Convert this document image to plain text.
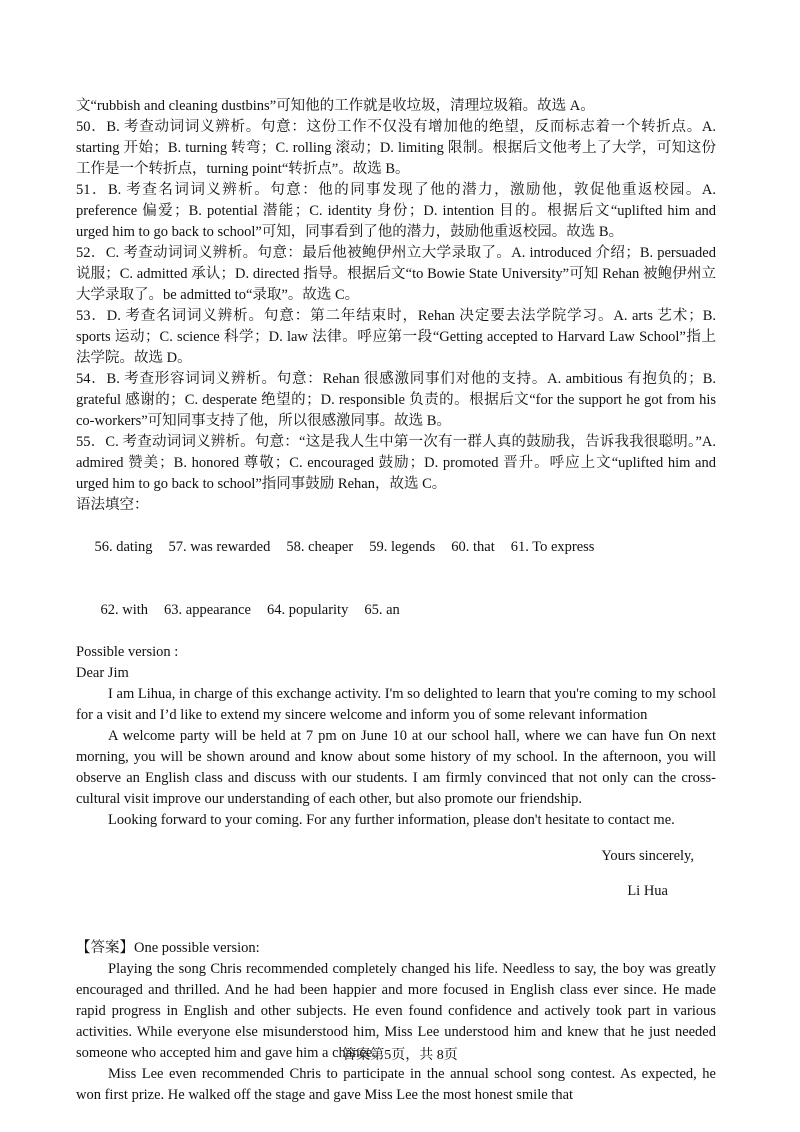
文“rubbish and cleaning dustbins”可知他的工作就是收垃圾，清理垃圾箱。故选 A。

50．B. 考查动词词义辨析。句意：这份工作不仅没有增加他的绝望，反而标志着一个转折点。A. starting 开始；B. turning 转弯；C. rolling 滚动；D. limiting 限制。根据后文他考上了大学，可知这份工作是一个转折点，turning point“转折点”。故选 B。

51．B. 考查名词词义辨析。句意：他的同事发现了他的潜力，激励他，敦促他重返校园。A. preference 偏爱；B. potential 潜能；C. identity 身份；D. intention 目的。根据后文“uplifted him and urged him to go back to school”可知，同事看到了他的潜力，鼓励他重返校园。故选 B。

52．C. 考查动词词义辨析。句意：最后他被鲍伊州立大学录取了。A. introduced 介绍；B. persuaded 说服；C. admitted 承认；D. directed 指导。根据后文“to Bowie State University”可知 Rehan 被鲍伊州立大学录取了。be admitted to“录取”。故选 C。

53．D. 考查名词词义辨析。句意：第二年结束时，Rehan 决定要去法学院学习。A. arts 艺术；B. sports 运动；C. science 科学；D. law 法律。呼应第一段“Getting accepted to Harvard Law School”指上法学院。故选 D。

54．B. 考查形容词词义辨析。句意：Rehan 很感激同事们对他的支持。A. ambitious 有抱负的；B. grateful 感谢的；C. desperate 绝望的；D. responsible 负责的。根据后文“for the support he got from his co-workers”可知同事支持了他，所以很感激同事。故选 B。

55．C. 考查动词词义辨析。句意：“这是我人生中第一次有一群人真的鼓励我，告诉我我很聪明。”A. admired 赞美；B. honored 尊敬；C. encouraged 鼓励；D. promoted 晋升。呼应上文“uplifted him and urged him to go back to school”指同事鼓励 Rehan，故选 C。

语法填空：

56. dating 57. was rewarded 58. cheaper 59. legends 60. that 61. To express

62. with 63. appearance 64. popularity 65. an

Possible version :

Dear Jim

I am Lihua, in charge of this exchange activity. I'm so delighted to learn that you're coming to my school for a visit and I’d like to extend my sincere welcome and inform you of some relevant information

A welcome party will be held at 7 pm on June 10 at our school hall, where we can have fun On next morning, you will be shown around and know about some history of my school. In the afternoon, you will observe an English class and discuss with our students. I am firmly convinced that not only can the cross-cultural visit improve our understanding of each other, but also promote our friendship.

Looking forward to your coming. For any further information, please don't hesitate to contact me.

Yours sincerely,

Li Hua

【答案】One possible version:

Playing the song Chris recommended completely changed his life. Needless to say, the boy was greatly encouraged and thrilled. And he had been happier and more focused in English class ever since. He made rapid progress in English and other subjects. He even found confidence and actively took part in various activities. While everyone else misunderstood him, Miss Lee understood him and knew that he just needed someone who accepted him and gave him a chance.

Miss Lee even recommended Chris to participate in the annual school song contest. As expected, he won first prize. He walked off the stage and gave Miss Lee the most honest smile that

答案第5页，共 8页
